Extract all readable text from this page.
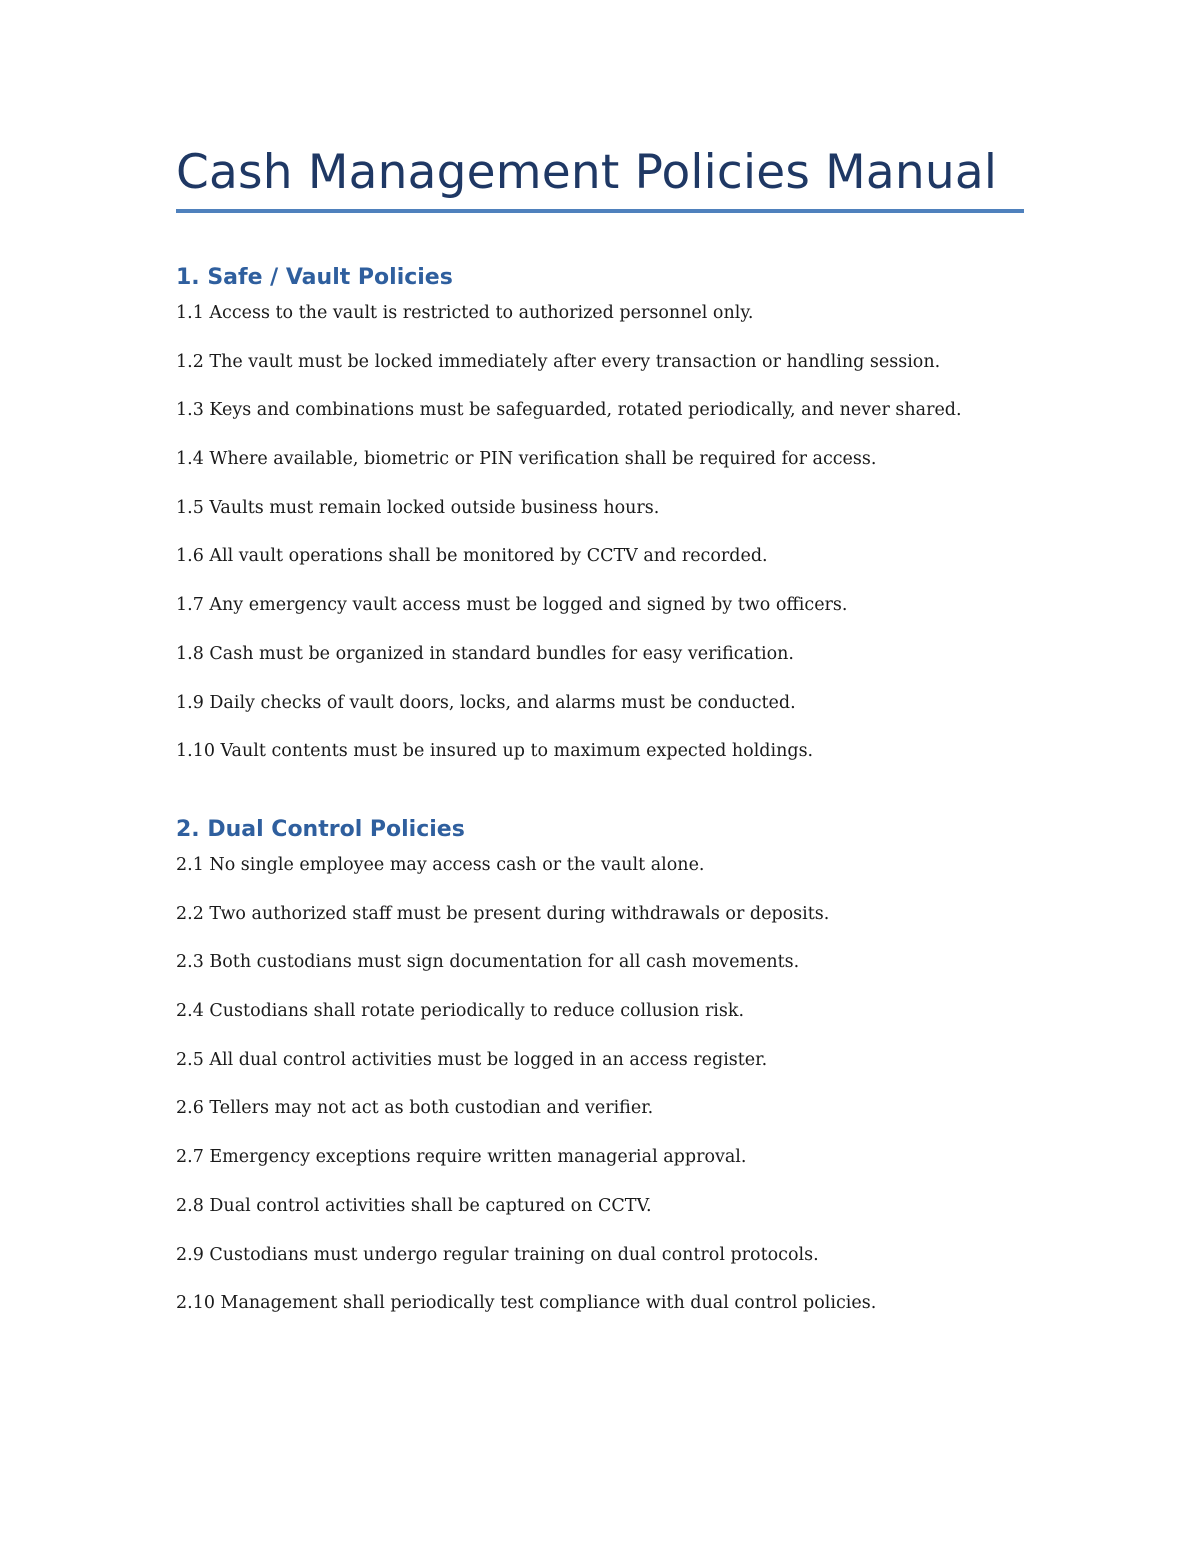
Cash Management Policies Manual
1. Safe / Vault Policies
1.1 Access to the vault is restricted to authorized personnel only.
1.2 The vault must be locked immediately after every transaction or handling session.
1.3 Keys and combinations must be safeguarded, rotated periodically, and never shared.
1.4 Where available, biometric or PIN verification shall be required for access.
1.5 Vaults must remain locked outside business hours.
1.6 All vault operations shall be monitored by CCTV and recorded.
1.7 Any emergency vault access must be logged and signed by two officers.
1.8 Cash must be organized in standard bundles for easy verification.
1.9 Daily checks of vault doors, locks, and alarms must be conducted.
1.10 Vault contents must be insured up to maximum expected holdings.
2. Dual Control Policies
2.1 No single employee may access cash or the vault alone.
2.2 Two authorized staff must be present during withdrawals or deposits.
2.3 Both custodians must sign documentation for all cash movements.
2.4 Custodians shall rotate periodically to reduce collusion risk.
2.5 All dual control activities must be logged in an access register.
2.6 Tellers may not act as both custodian and verifier.
2.7 Emergency exceptions require written managerial approval.
2.8 Dual control activities shall be captured on CCTV.
2.9 Custodians must undergo regular training on dual control protocols.
2.10 Management shall periodically test compliance with dual control policies.
